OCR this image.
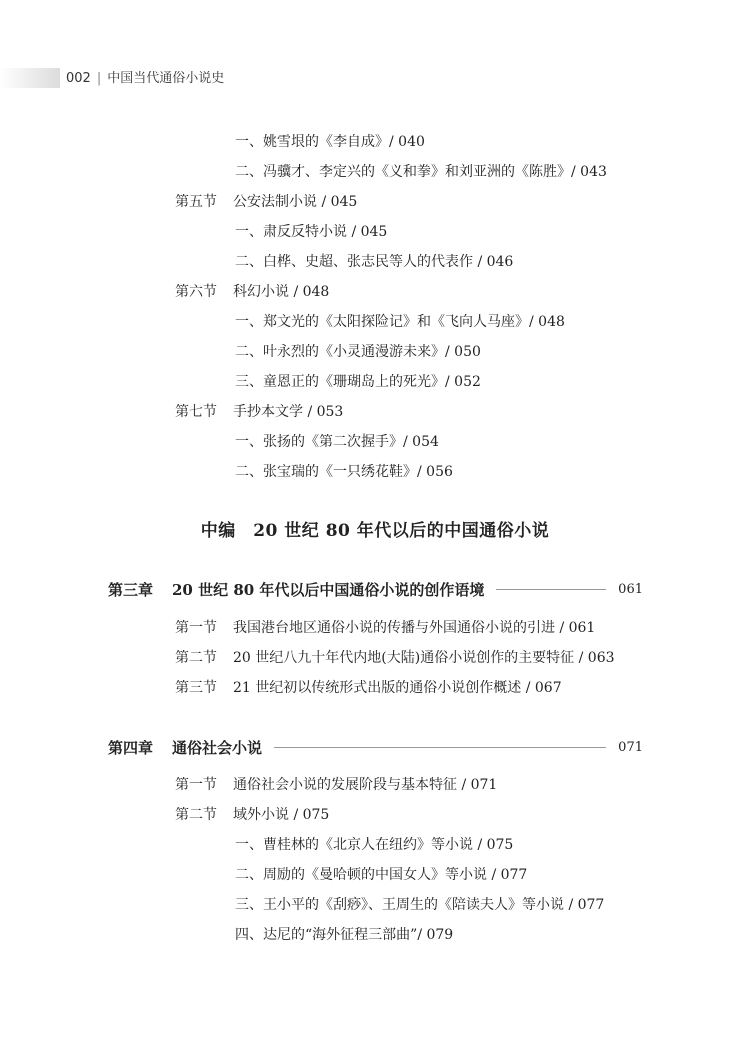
002 | 中国当代通俗小说史
一、姚雪垠的《李自成》/ 040
二、冯骥才、李定兴的《义和拳》和刘亚洲的《陈胜》/ 043
第五节 公安法制小说 / 045
一、肃反反特小说 / 045
二、白桦、史超、张志民等人的代表作 / 046
第六节 科幻小说 / 048
一、郑文光的《太阳探险记》和《飞向人马座》/ 048
二、叶永烈的《小灵通漫游未来》/ 050
三、童恩正的《珊瑚岛上的死光》/ 052
第七节 手抄本文学 / 053
一、张扬的《第二次握手》/ 054
二、张宝瑞的《一只绣花鞋》/ 056
中编　20 世纪 80 年代以后的中国通俗小说
第三章	20 世纪 80 年代以后中国通俗小说的创作语境	061
第一节 我国港台地区通俗小说的传播与外国通俗小说的引进 / 061
第二节 20 世纪八九十年代内地(大陆)通俗小说创作的主要特征 / 063
第三节 21 世纪初以传统形式出版的通俗小说创作概述 / 067
第四章	通俗社会小说	071
第一节 通俗社会小说的发展阶段与基本特征 / 071
第二节 域外小说 / 075
一、曹桂林的《北京人在纽约》等小说 / 075
二、周励的《曼哈顿的中国女人》等小说 / 077
三、王小平的《刮痧》、王周生的《陪读夫人》等小说 / 077
四、达尼的“海外征程三部曲”/ 079
